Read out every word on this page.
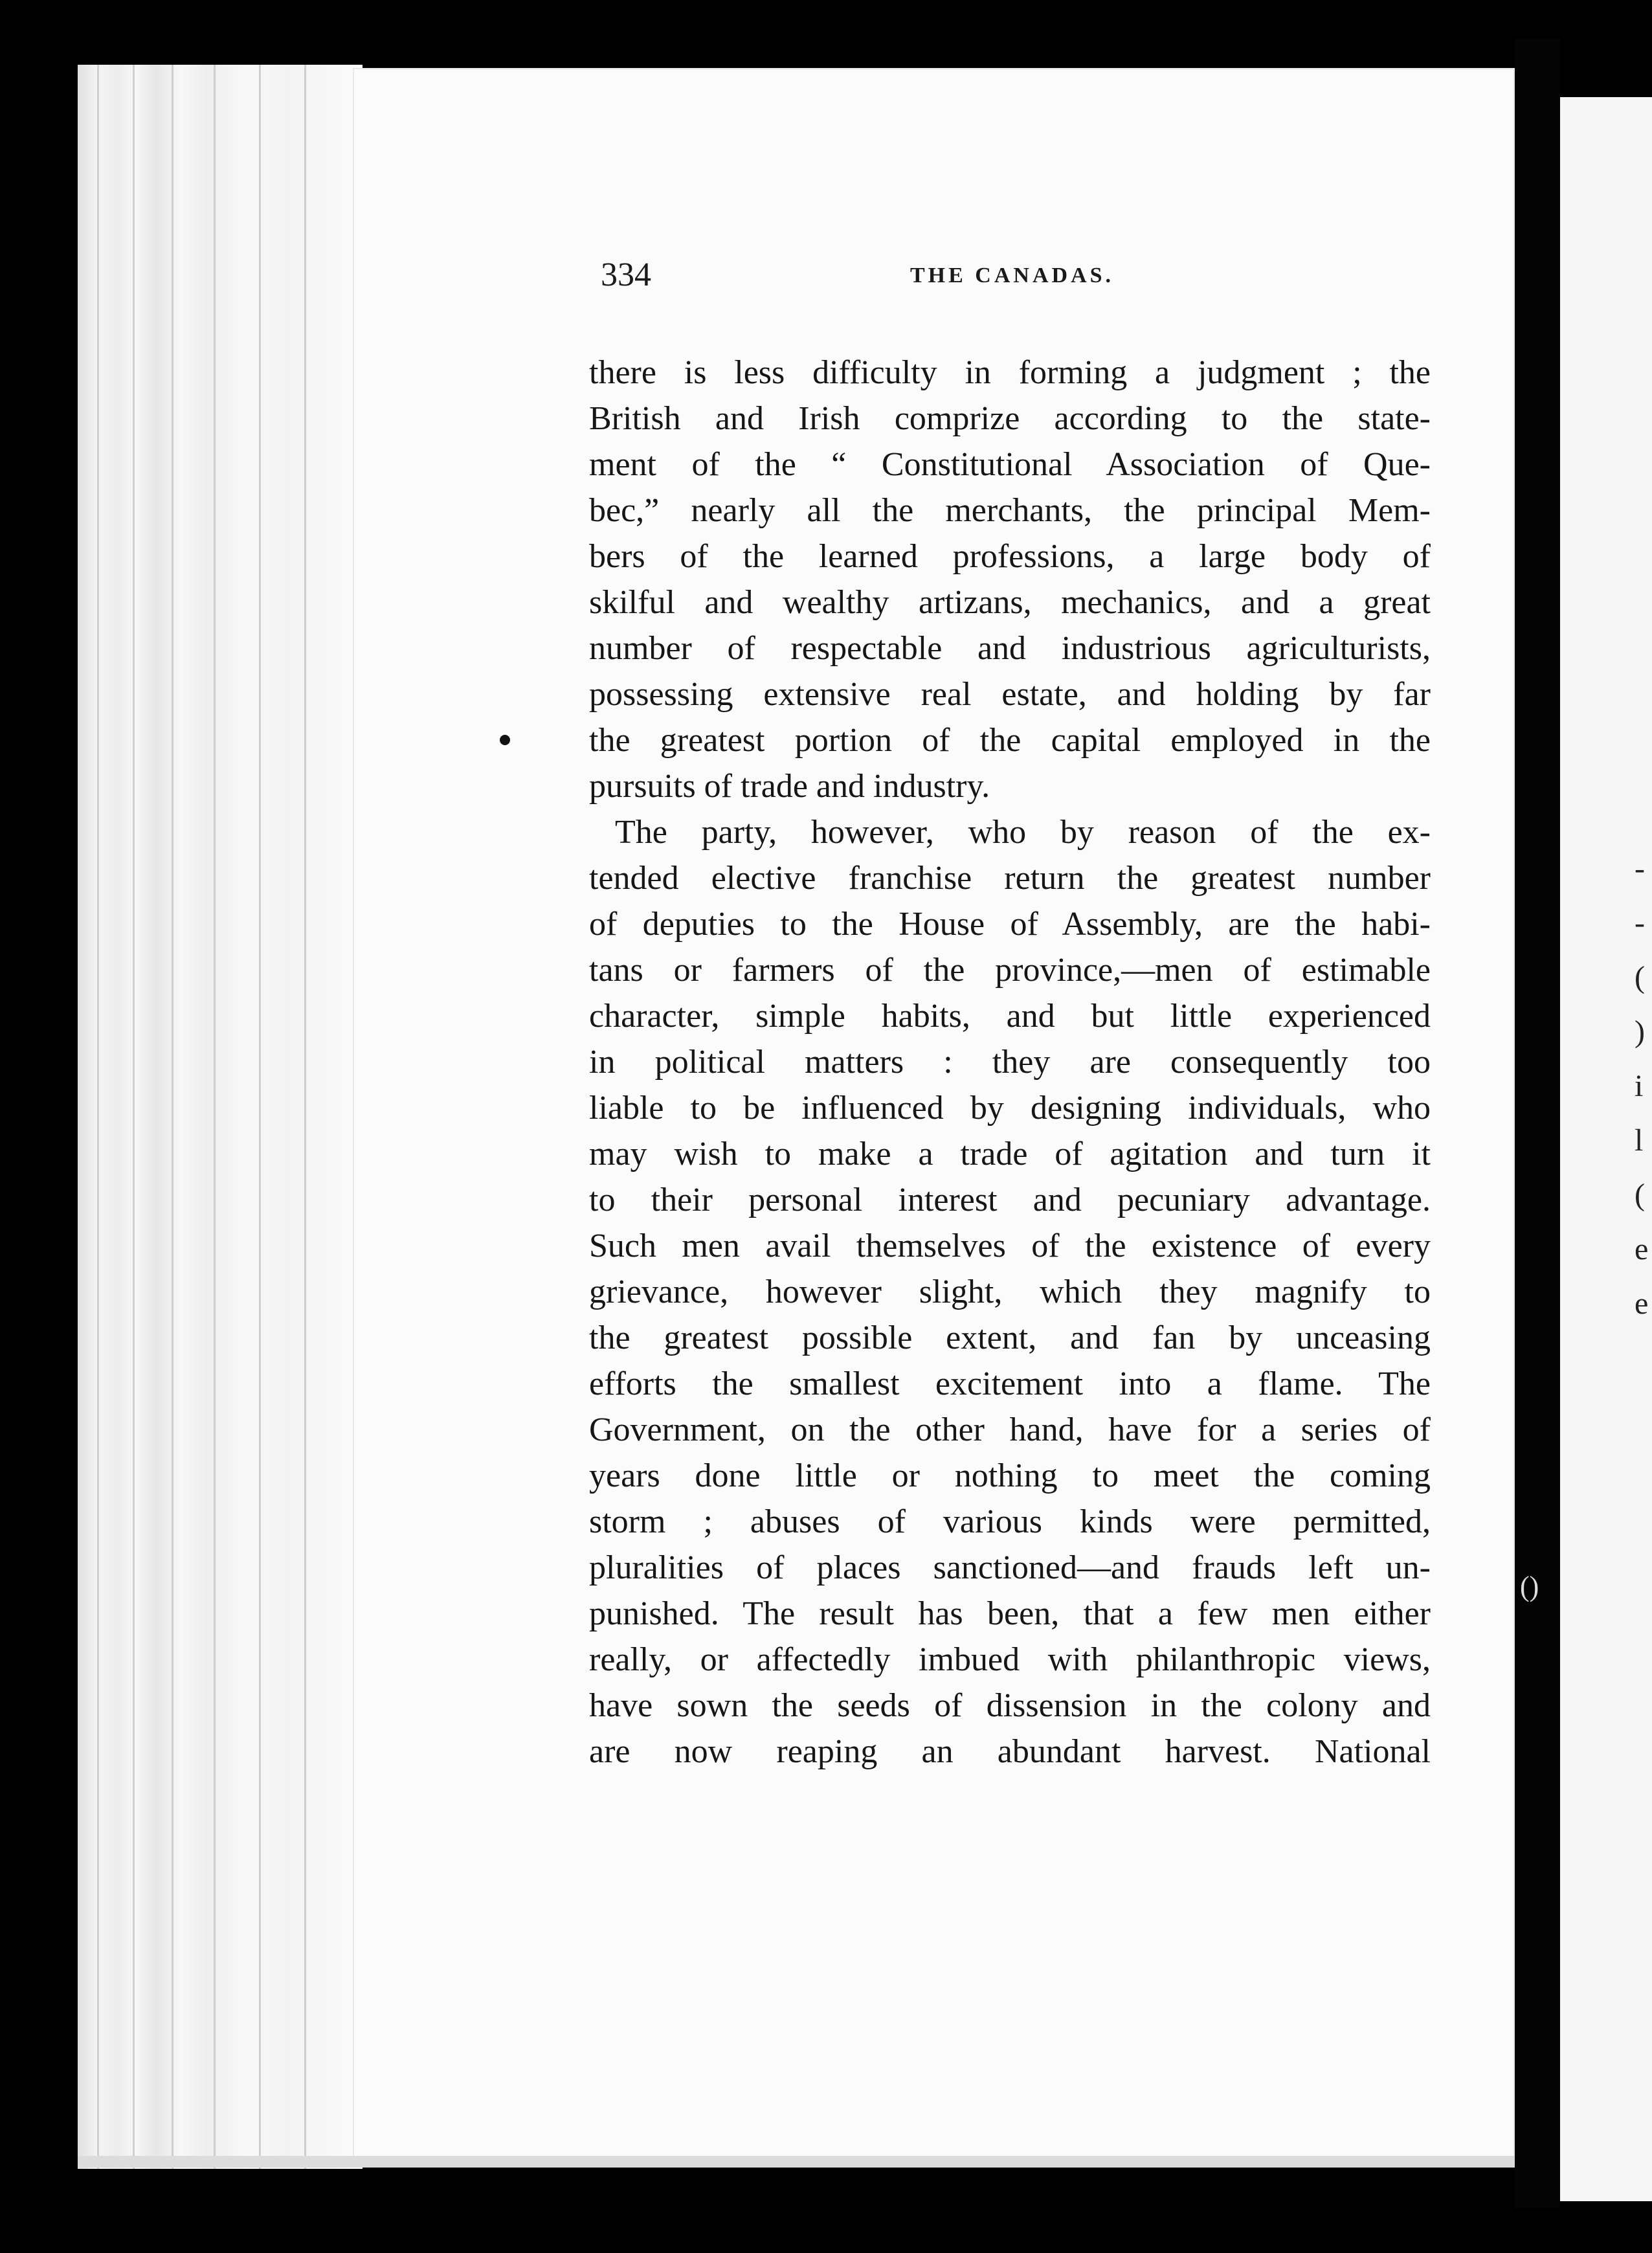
()
-
-
(
)
i
l
(
e
e
334	THE CANADAS.
there is less difficulty in forming a judgment ; the
British and Irish comprize according to the state-
ment of the “ Constitutional Association of Que-
bec,” nearly all the merchants, the principal Mem-
bers of the learned professions, a large body of
skilful and wealthy artizans, mechanics, and a great
number of respectable and industrious agriculturists,
possessing extensive real estate, and holding by far
the greatest portion of the capital employed in the
pursuits of trade and industry.
The party, however, who by reason of the ex-
tended elective franchise return the greatest number
of deputies to the House of Assembly, are the habi-
tans or farmers of the province,—men of estimable
character, simple habits, and but little experienced
in political matters : they are consequently too
liable to be influenced by designing individuals, who
may wish to make a trade of agitation and turn it
to their personal interest and pecuniary advantage.
Such men avail themselves of the existence of every
grievance, however slight, which they magnify to
the greatest possible extent, and fan by unceasing
efforts the smallest excitement into a flame. The
Government, on the other hand, have for a series of
years done little or nothing to meet the coming
storm ; abuses of various kinds were permitted,
pluralities of places sanctioned—and frauds left un-
punished. The result has been, that a few men either
really, or affectedly imbued with philanthropic views,
have sown the seeds of dissension in the colony and
are now reaping an abundant harvest. National
